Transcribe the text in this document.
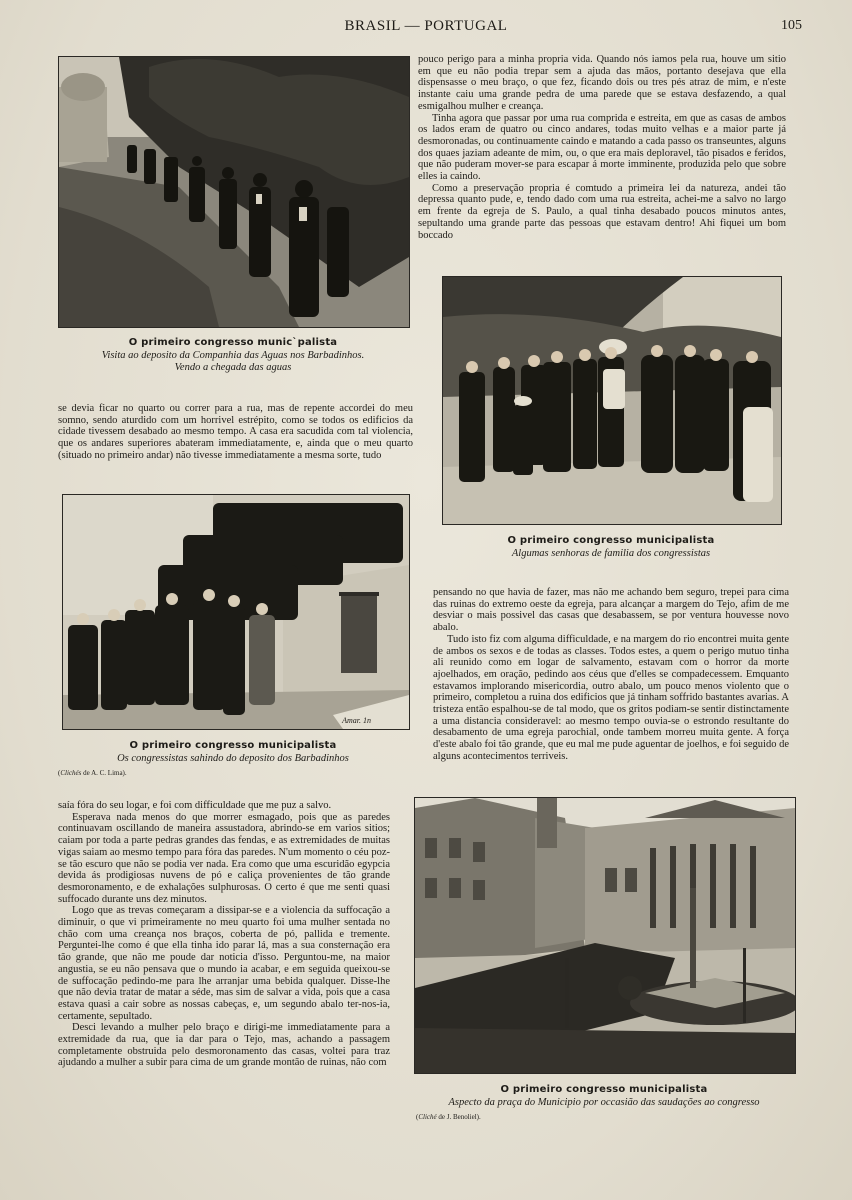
BRASIL — PORTUGAL	105
O primeiro congresso munic`palista
Visita ao deposito da Companhia das Aguas nos Barbadinhos.
Vendo a chegada das aguas

pouco perigo para a minha propria vida. Quando nós iamos pela rua, houve um sitio em que eu não podia trepar sem a ajuda das mãos, portanto desejava que ella dispensasse o meu braço, o que fez, ficando dois ou tres pés atraz de mim, e n'este instante caiu uma grande pedra de uma parede que se estava desfazendo, a qual esmigalhou mulher e creança.

Tinha agora que passar por uma rua comprida e estreita, em que as casas de ambos os lados eram de quatro ou cinco andares, todas muito velhas e a maior parte já desmoronadas, ou continuamente caindo e matando a cada passo os transeuntes, alguns dos quaes jaziam adeante de mim, ou, o que era mais deploravel, tão pisados e feridos, que não puderam mover-se para escapar á morte imminente, produzida pelo que sobre elles ia caindo.

Como a preservação propria é comtudo a primeira lei da natureza, andei tão depressa quanto pude, e, tendo dado com uma rua estreita, achei-me a salvo no largo em frente da egreja de S. Paulo, a qual tinha desabado poucos minutos antes, sepultando uma grande parte das pessoas que estavam dentro! Ahi fiquei um bom boccado

se devia ficar no quarto ou correr para a rua, mas de repente accordei do meu somno, sendo aturdido com um horrivel estrépito, como se todos os edificios da cidade tivessem desabado ao mesmo tempo. A casa era sacudida com tal violencia, que os andares superiores abateram immediatamente, e, ainda que o meu quarto (situado no primeiro andar) não tivesse immediatamente a mesma sorte, tudo

O primeiro congresso municipalista
Algumas senhoras de familia dos congressistas
Amar. 1n

pensando no que havia de fazer, mas não me achando bem seguro, trepei para cima das ruinas do extremo oeste da egreja, para alcançar a margem do Tejo, afim de me desviar o mais possivel das casas que desabassem, se por ventura houvesse novo abalo.

Tudo isto fiz com alguma difficuldade, e na margem do rio encontrei muita gente de ambos os sexos e de todas as classes. Todos estes, a quem o perigo mutuo tinha ali reunido como em logar de salvamento, estavam com o horror da morte ajoelhados, em oração, pedindo aos céus que d'elles se compadecessem. Emquanto estavamos implorando misericordia, outro abalo, um pouco menos violento que o primeiro, completou a ruina dos edificios que já tinham soffrido bastantes avarias. A tristeza então espalhou-se de tal modo, que os gritos podiam-se sentir distinctamente a uma distancia consideravel: ao mesmo tempo ouvia-se o estrondo resultante do desabamento de uma egreja parochial, onde tambem morreu muita gente. A força d'este abalo foi tão grande, que eu mal me pude aguentar de joelhos, e foi seguido de alguns acontecimentos terriveis.

O primeiro congresso municipalista
Os congressistas sahindo do deposito dos Barbadinhos
(Clichés de A. C. Lima).

saía fóra do seu logar, e foi com difficuldade que me puz a salvo.

Esperava nada menos do que morrer esmagado, pois que as paredes continuavam oscillando de maneira assustadora, abrindo-se em varios sitios; caiam por toda a parte pedras grandes das fendas, e as extremidades de muitas vigas saiam ao mesmo tempo para fóra das paredes. N'um momento o céu poz-se tão escuro que não se podia ver nada. Era como que uma escuridão egypcia devida ás prodigiosas nuvens de pó e caliça provenientes de tão grande desmoronamento, e de exhalações sulphurosas. O certo é que me senti quasi suffocado durante uns dez minutos.

Logo que as trevas começaram a dissipar-se e a violencia da suffocação a diminuir, o que vi primeiramente no meu quarto foi uma mulher sentada no chão com uma creança nos braços, coberta de pó, pallida e tremente. Perguntei-lhe como é que ella tinha ido parar lá, mas a sua consternação era tão grande, que não me poude dar noticia d'isso. Perguntou-me, na maior angustia, se eu não pensava que o mundo ia acabar, e em seguida queixou-se de suffocação pedindo-me para lhe arranjar uma bebida qualquer. Disse-lhe que não devia tratar de matar a séde, mas sim de salvar a vida, pois que a casa estava quasi a cair sobre as nossas cabeças, e, um segundo abalo ter-nos-ia, certamente, sepultado.

Desci levando a mulher pelo braço e dirigi-me immediatamente para a extremidade da rua, que ia dar para o Tejo, mas, achando a passagem completamente obstruida pelo desmoronamento das casas, voltei para traz ajudando a mulher a subir para cima de um grande montão de ruinas, não com

O primeiro congresso municipalista
Aspecto da praça do Municipio por occasião das saudações ao congresso
(Cliché de J. Benoliel).
